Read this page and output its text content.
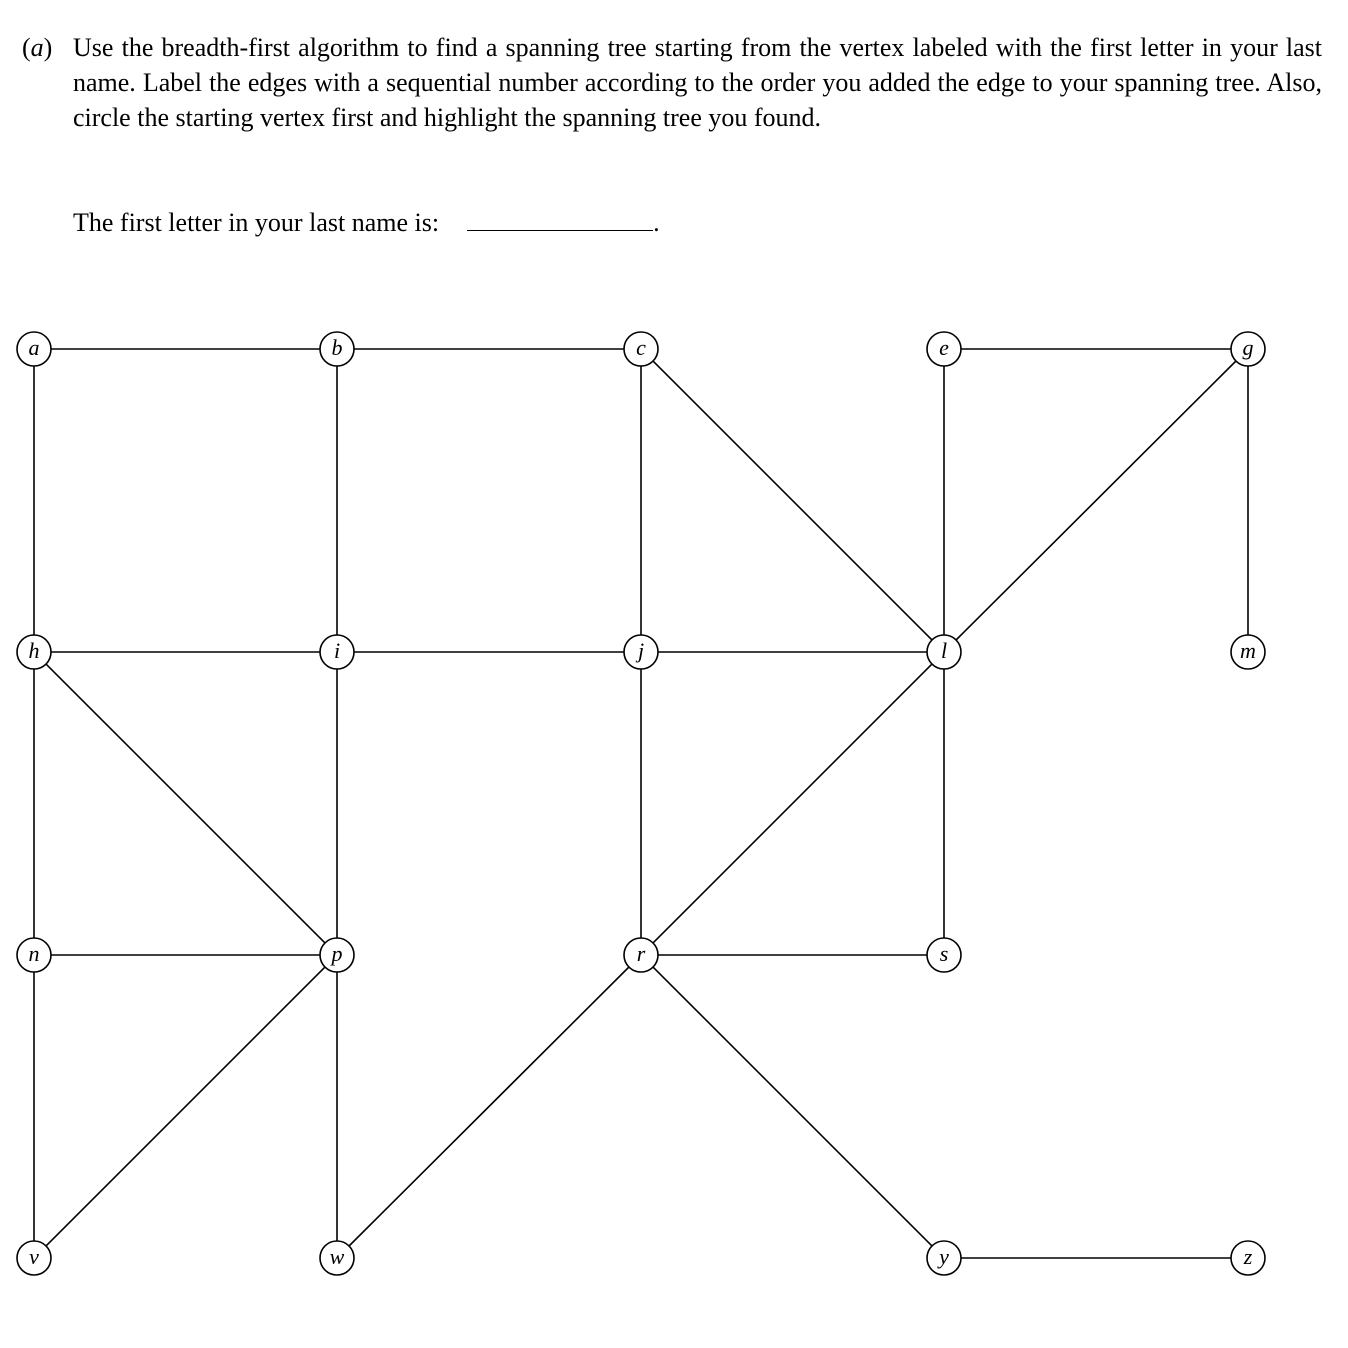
(a) Use the breadth-first algorithm to find a spanning tree starting from the vertex labeled with the first letter in your last name. Label the edges with a sequential number according to the order you added the edge to your spanning tree. Also, circle the starting vertex first and highlight the spanning tree you found.
The first letter in your last name is:	.
a	b	c	e	g
h	i	j	l	m
n	p	r	s
v	w	y	z
